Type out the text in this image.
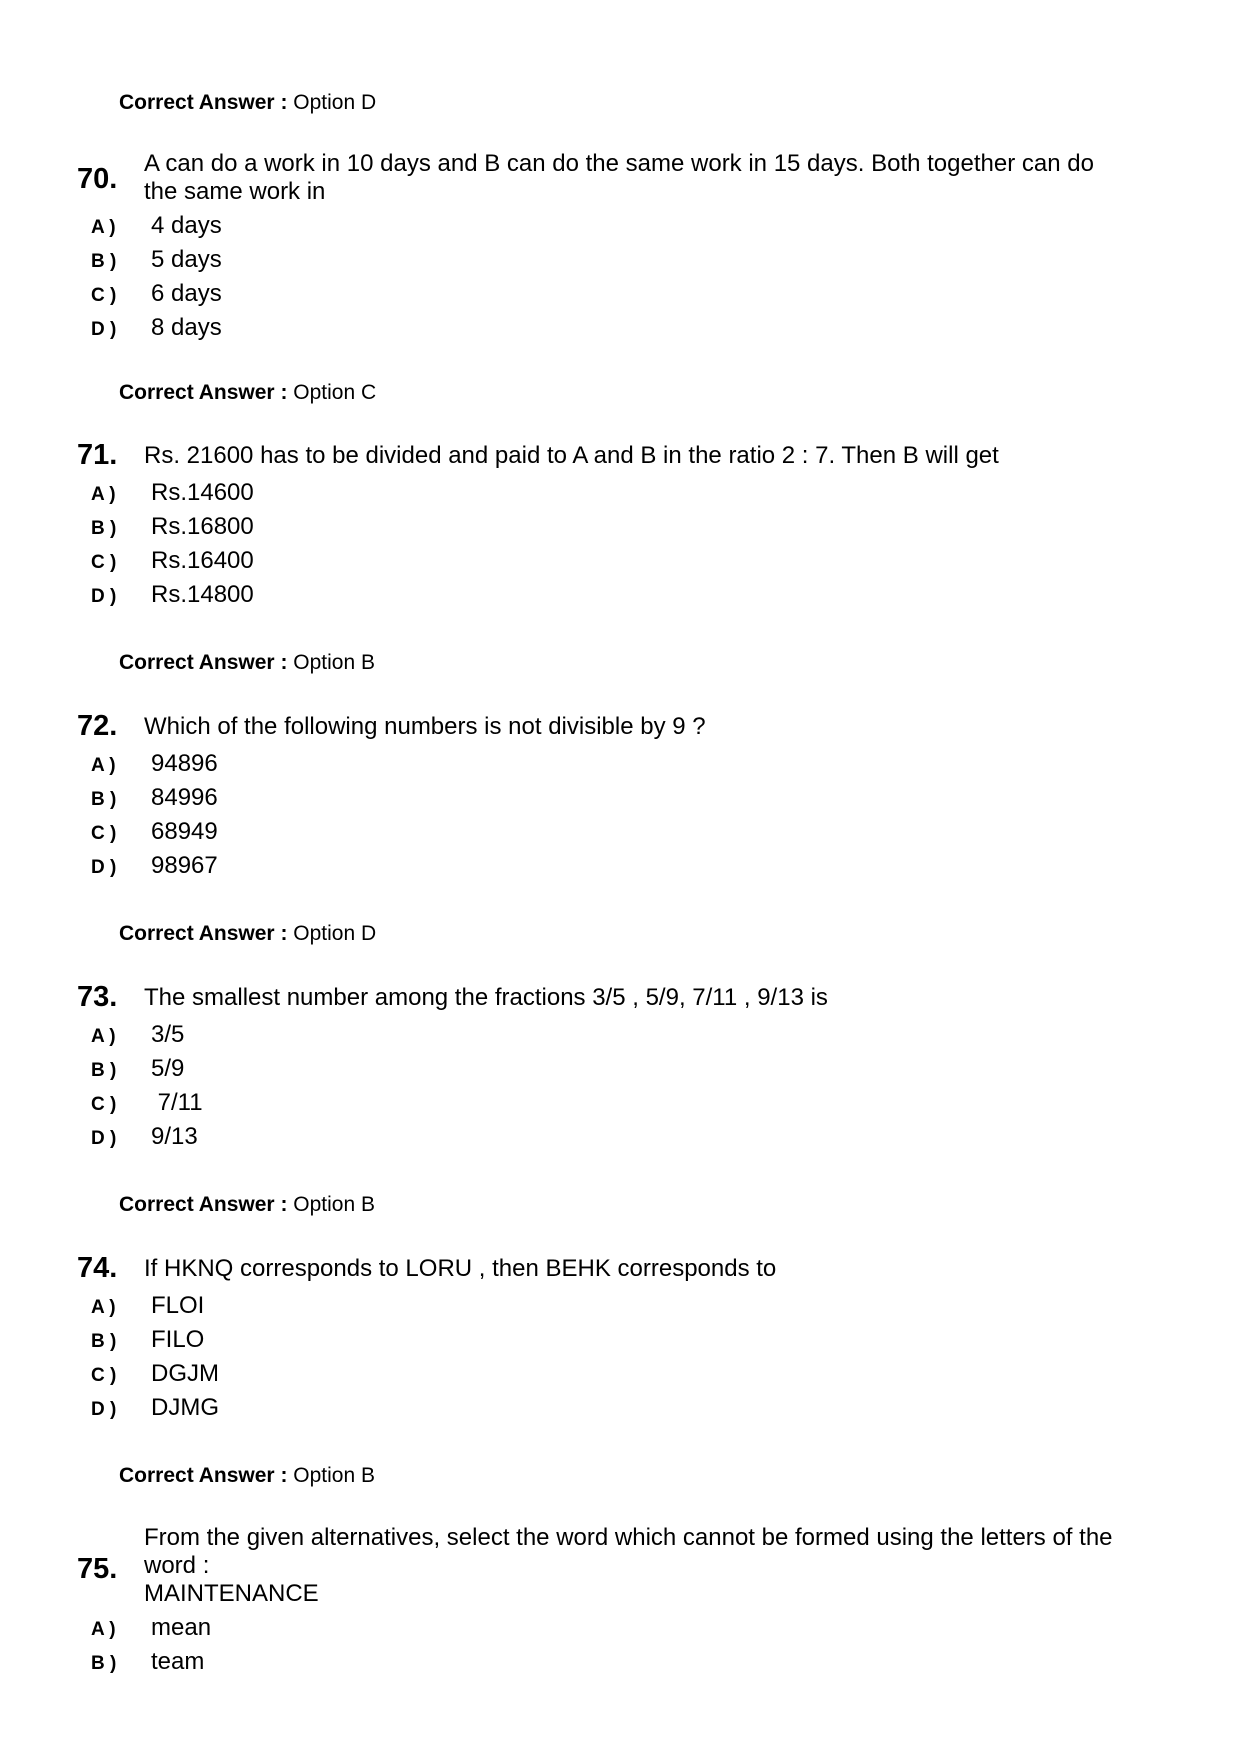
Correct Answer : Option D
70. A can do a work in 10 days and B can do the same work in 15 days. Both together can do
the same work in
A ) 4 days
B ) 5 days
C ) 6 days
D ) 8 days
Correct Answer : Option C
71. Rs. 21600 has to be divided and paid to A and B in the ratio 2 : 7. Then B will get
A ) Rs.14600
B ) Rs.16800
C ) Rs.16400
D ) Rs.14800
Correct Answer : Option B
72. Which of the following numbers is not divisible by 9 ?
A ) 94896
B ) 84996
C ) 68949
D ) 98967
Correct Answer : Option D
73. The smallest number among the fractions 3/5 , 5/9, 7/11 , 9/13 is
A ) 3/5
B ) 5/9
C ) 7/11
D ) 9/13
Correct Answer : Option B
74. If HKNQ corresponds to LORU , then BEHK corresponds to
A ) FLOI
B ) FILO
C ) DGJM
D ) DJMG
Correct Answer : Option B
75.
From the given alternatives, select the word which cannot be formed using the letters of the
word :
MAINTENANCE
A ) mean
B ) team
